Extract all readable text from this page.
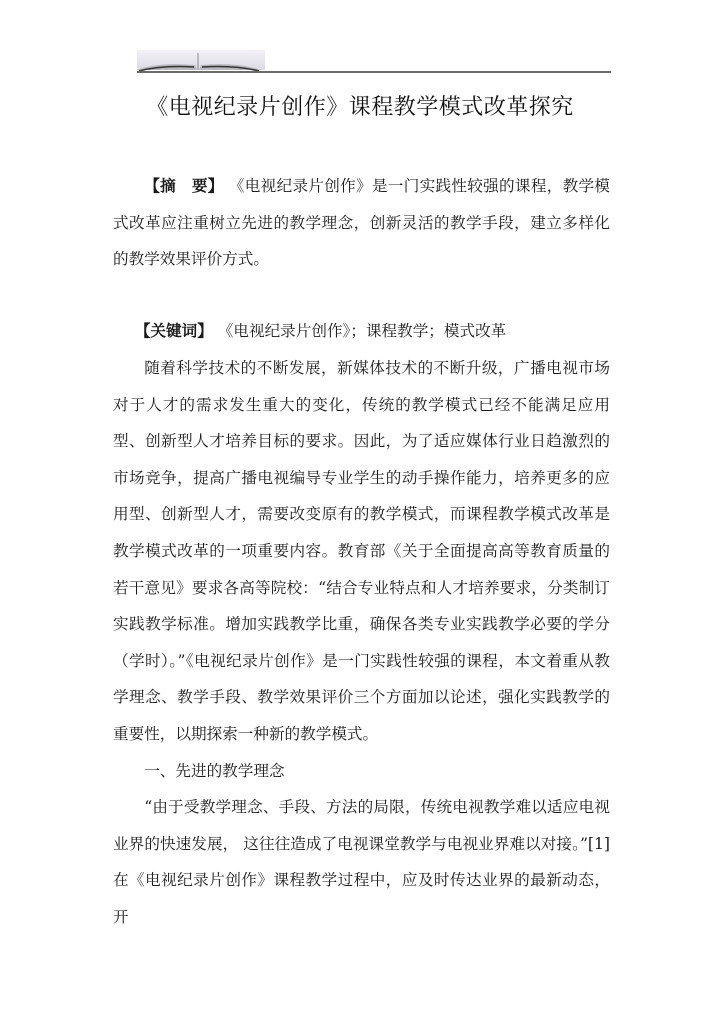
《电视纪录片创作》课程教学模式改革探究

【摘　要】 《电视纪录片创作》是一门实践性较强的课程，教学模式改革应注重树立先进的教学理念，创新灵活的教学手段，建立多样化的教学效果评价方式。

【关键词】 《电视纪录片创作》；课程教学；模式改革

随着科学技术的不断发展，新媒体技术的不断升级，广播电视市场对于人才的需求发生重大的变化，传统的教学模式已经不能满足应用型、创新型人才培养目标的要求。因此，为了适应媒体行业日趋激烈的市场竞争，提高广播电视编导专业学生的动手操作能力，培养更多的应用型、创新型人才，需要改变原有的教学模式，而课程教学模式改革是教学模式改革的一项重要内容。教育部《关于全面提高高等教育质量的若干意见》要求各高等院校：“结合专业特点和人才培养要求，分类制订实践教学标准。增加实践教学比重，确保各类专业实践教学必要的学分（学时）。”《电视纪录片创作》是一门实践性较强的课程，本文着重从教学理念、教学手段、教学效果评价三个方面加以论述，强化实践教学的重要性，以期探索一种新的教学模式。

一、先进的教学理念

“由于受教学理念、手段、方法的局限，传统电视教学难以适应电视业界的快速发展， 这往往造成了电视课堂教学与电视业界难以对接。”[1]在《电视纪录片创作》课程教学过程中，应及时传达业界的最新动态，开
